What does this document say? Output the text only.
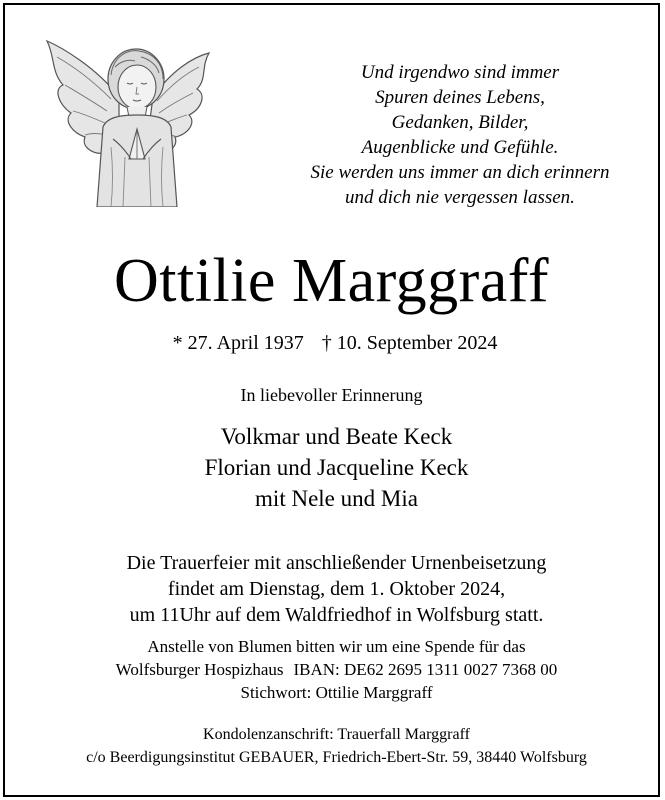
Und irgendwo sind immer
Spuren deines Lebens,
Gedanken, Bilder,
Augenblicke und Gefühle.
Sie werden uns immer an dich erinnern
und dich nie vergessen lassen.
Ottilie Marggraff
* 27. April 1937 † 10. September 2024
In liebevoller Erinnerung
Volkmar und Beate Keck
Florian und Jacqueline Keck
mit Nele und Mia
Die Trauerfeier mit anschließender Urnenbeisetzung
findet am Dienstag, dem 1. Oktober 2024,
um 11Uhr auf dem Waldfriedhof in Wolfsburg statt.
Anstelle von Blumen bitten wir um eine Spende für das
Wolfsburger Hospizhaus IBAN: DE62 2695 1311 0027 7368 00
Stichwort: Ottilie Marggraff
Kondolenzanschrift: Trauerfall Marggraff
c/o Beerdigungsinstitut GEBAUER, Friedrich-Ebert-Str. 59, 38440 Wolfsburg
